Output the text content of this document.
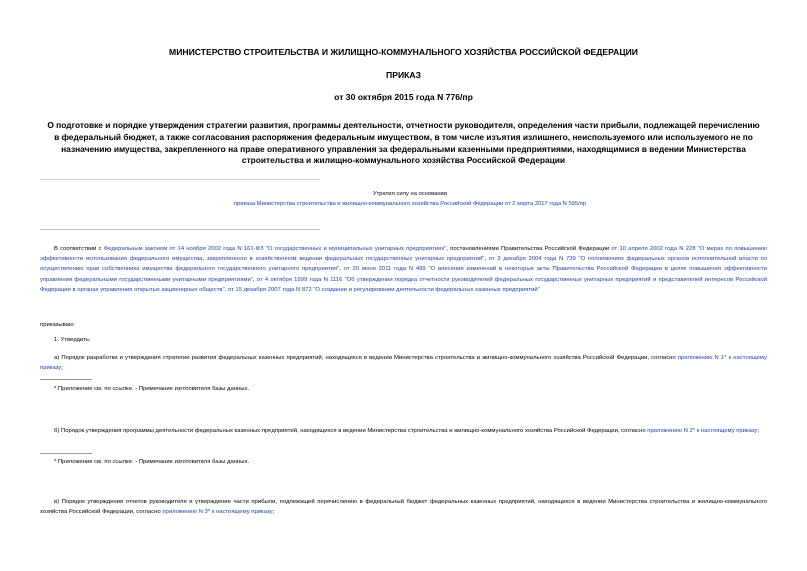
МИНИСТЕРСТВО СТРОИТЕЛЬСТВА И ЖИЛИЩНО-КОММУНАЛЬНОГО ХОЗЯЙСТВА РОССИЙСКОЙ ФЕДЕРАЦИИ
ПРИКАЗ
от 30 октября 2015 года N 776/пр
О подготовке и порядке утверждения стратегии развития, программы деятельности, отчетности руководителя, определения части прибыли, подлежащей перечислению в федеральный бюджет, а также согласования распоряжения федеральным имуществом, в том числе изъятия излишнего, неиспользуемого или используемого не по назначению имущества, закрепленного на праве оперативного управления за федеральными казенными предприятиями, находящимися в ведении Министерства строительства и жилищно-коммунального хозяйства Российской Федерации
Утратил силу на основании
приказа Министерства строительства и жилищно-коммунального хозяйства Российской Федерации от 2 марта 2017 года N 595/пр
В соответствии с Федеральным законом от 14 ноября 2002 года N 161-ФЗ "О государственных и муниципальных унитарных предприятиях", постановлениями Правительства Российской Федерации от 10 апреля 2002 года N 228 "О мерах по повышению эффективности использования федерального имущества, закрепленного в хозяйственном ведении федеральных государственных унитарных предприятий", от 3 декабря 2004 года N 739 "О полномочиях федеральных органов исполнительной власти по осуществлению прав собственника имущества федерального государственного унитарного предприятия", от 20 июня 2011 года N 499 "О внесении изменений в некоторые акты Правительства Российской Федерации в целях повышения эффективности управления федеральными государственными унитарными предприятиями", от 4 октября 1999 года N 1116 "Об утверждении порядка отчетности руководителей федеральных государственных унитарных предприятий и представителей интересов Российской Федерации в органах управления открытых акционерных обществ", от 15 декабря 2007 года N 872 "О создании и регулировании деятельности федеральных казенных предприятий"
приказываю:
1. Утвердить:
а) Порядок разработки и утверждения стратегии развития федеральных казенных предприятий, находящихся в ведении Министерства строительства и жилищно-коммунального хозяйства Российской Федерации, согласно приложению N 1* к настоящему приказу;
* Приложение см. по ссылке. - Примечание изготовителя базы данных.
б) Порядок утверждения программы деятельности федеральных казенных предприятий, находящихся в ведении Министерства строительства и жилищно-коммунального хозяйства Российской Федерации, согласно приложению N 2* к настоящему приказу;
* Приложение см. по ссылке. - Примечание изготовителя базы данных.
в) Порядок утверждения отчетов руководителя и утверждение части прибыли, подлежащей перечислению в федеральный бюджет федеральных казенных предприятий, находящихся в ведении Министерства строительства и жилищно-коммунального хозяйства Российской Федерации, согласно приложению N 3* к настоящему приказу;
